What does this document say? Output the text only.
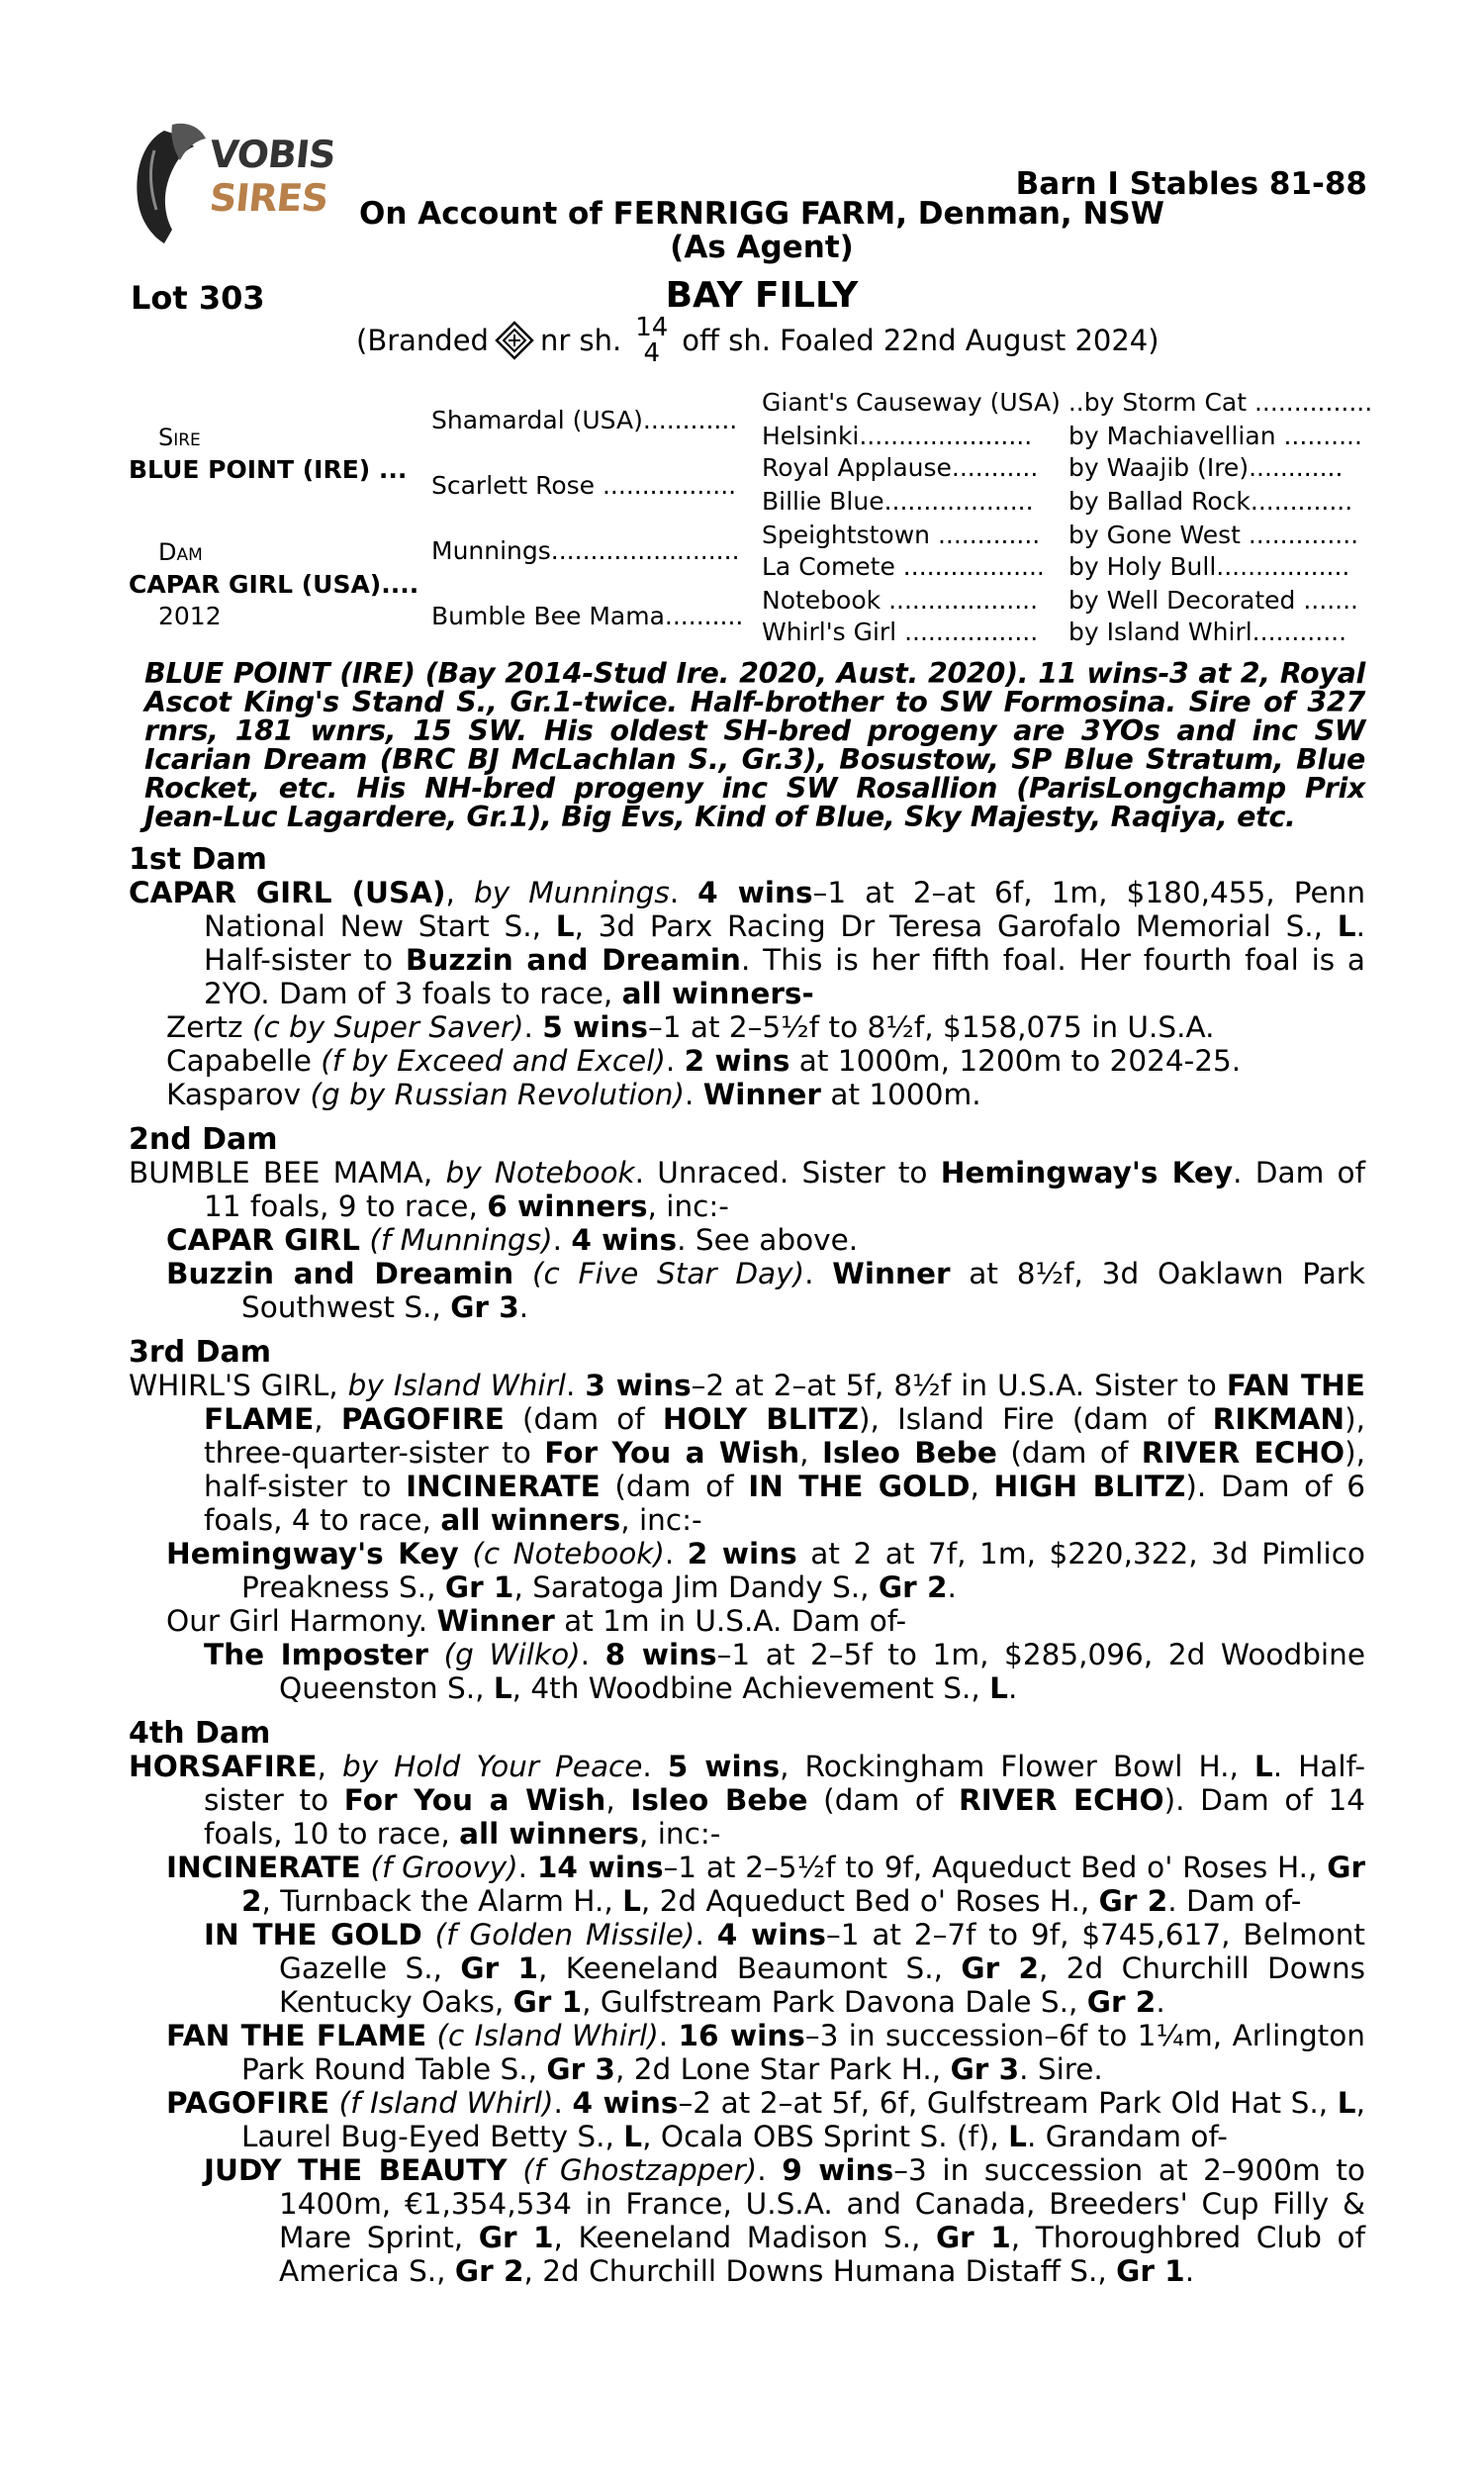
VOBIS
SIRES	Barn I Stables 81-88
On Account of FERNRIGG FARM, Denman, NSW
(As Agent)
Lot 303	BAY FILLY
(Branded nr sh. 14
4 off sh. Foaled 22nd August 2024)
Sire
BLUE POINT (IRE) ...
Dam
CAPAR GIRL (USA)....
2012
Shamardal (USA)............
Scarlett Rose .................
Munnings........................
Bumble Bee Mama..........
Giant's Causeway (USA) ..by Storm Cat ...............
Helsinki...................... by Machiavellian ..........
Royal Applause........... by Waajib (Ire)............
Billie Blue................... by Ballad Rock.............
Speightstown ............. by Gone West ..............
La Comete .................. by Holy Bull.................
Notebook ................... by Well Decorated .......
Whirl's Girl ................. by Island Whirl............
BLUE POINT (IRE) (Bay 2014-Stud Ire. 2020, Aust. 2020). 11 wins-3 at 2, Royal Ascot King's Stand S., Gr.1-twice. Half-brother to SW Formosina. Sire of 327 rnrs, 181 wnrs, 15 SW. His oldest SH-bred progeny are 3YOs and inc SW Icarian Dream (BRC BJ McLachlan S., Gr.3), Bosustow, SP Blue Stratum, Blue Rocket, etc. His NH-bred progeny inc SW Rosallion (ParisLongchamp Prix Jean-Luc Lagardere, Gr.1), Big Evs, Kind of Blue, Sky Majesty, Raqiya, etc.
1st Dam
CAPAR GIRL (USA), by Munnings. 4 wins–1 at 2–at 6f, 1m, $180,455, Penn National New Start S., L, 3d Parx Racing Dr Teresa Garofalo Memorial S., L. Half-sister to Buzzin and Dreamin. This is her fifth foal. Her fourth foal is a 2YO. Dam of 3 foals to race, all winners-
Zertz (c by Super Saver). 5 wins–1 at 2–5½f to 8½f, $158,075 in U.S.A.
Capabelle (f by Exceed and Excel). 2 wins at 1000m, 1200m to 2024-25.
Kasparov (g by Russian Revolution). Winner at 1000m.
2nd Dam
BUMBLE BEE MAMA, by Notebook. Unraced. Sister to Hemingway's Key. Dam of 11 foals, 9 to race, 6 winners, inc:-
CAPAR GIRL (f Munnings). 4 wins. See above.
Buzzin and Dreamin (c Five Star Day). Winner at 8½f, 3d Oaklawn Park Southwest S., Gr 3.
3rd Dam
WHIRL'S GIRL, by Island Whirl. 3 wins–2 at 2–at 5f, 8½f in U.S.A. Sister to FAN THE FLAME, PAGOFIRE (dam of HOLY BLITZ), Island Fire (dam of RIKMAN), three-quarter-sister to For You a Wish, Isleo Bebe (dam of RIVER ECHO), half-sister to INCINERATE (dam of IN THE GOLD, HIGH BLITZ). Dam of 6 foals, 4 to race, all winners, inc:-
Hemingway's Key (c Notebook). 2 wins at 2 at 7f, 1m, $220,322, 3d Pimlico Preakness S., Gr 1, Saratoga Jim Dandy S., Gr 2.
Our Girl Harmony. Winner at 1m in U.S.A. Dam of-
The Imposter (g Wilko). 8 wins–1 at 2–5f to 1m, $285,096, 2d Woodbine Queenston S., L, 4th Woodbine Achievement S., L.
4th Dam
HORSAFIRE, by Hold Your Peace. 5 wins, Rockingham Flower Bowl H., L. Half-sister to For You a Wish, Isleo Bebe (dam of RIVER ECHO). Dam of 14 foals, 10 to race, all winners, inc:-
INCINERATE (f Groovy). 14 wins–1 at 2–5½f to 9f, Aqueduct Bed o' Roses H., Gr 2, Turnback the Alarm H., L, 2d Aqueduct Bed o' Roses H., Gr 2. Dam of-
IN THE GOLD (f Golden Missile). 4 wins–1 at 2–7f to 9f, $745,617, Belmont Gazelle S., Gr 1, Keeneland Beaumont S., Gr 2, 2d Churchill Downs Kentucky Oaks, Gr 1, Gulfstream Park Davona Dale S., Gr 2.
FAN THE FLAME (c Island Whirl). 16 wins–3 in succession–6f to 1¼m, Arlington Park Round Table S., Gr 3, 2d Lone Star Park H., Gr 3. Sire.
PAGOFIRE (f Island Whirl). 4 wins–2 at 2–at 5f, 6f, Gulfstream Park Old Hat S., L, Laurel Bug-Eyed Betty S., L, Ocala OBS Sprint S. (f), L. Grandam of-
JUDY THE BEAUTY (f Ghostzapper). 9 wins–3 in succession at 2–900m to 1400m, €1,354,534 in France, U.S.A. and Canada, Breeders' Cup Filly & Mare Sprint, Gr 1, Keeneland Madison S., Gr 1, Thoroughbred Club of America S., Gr 2, 2d Churchill Downs Humana Distaff S., Gr 1.
